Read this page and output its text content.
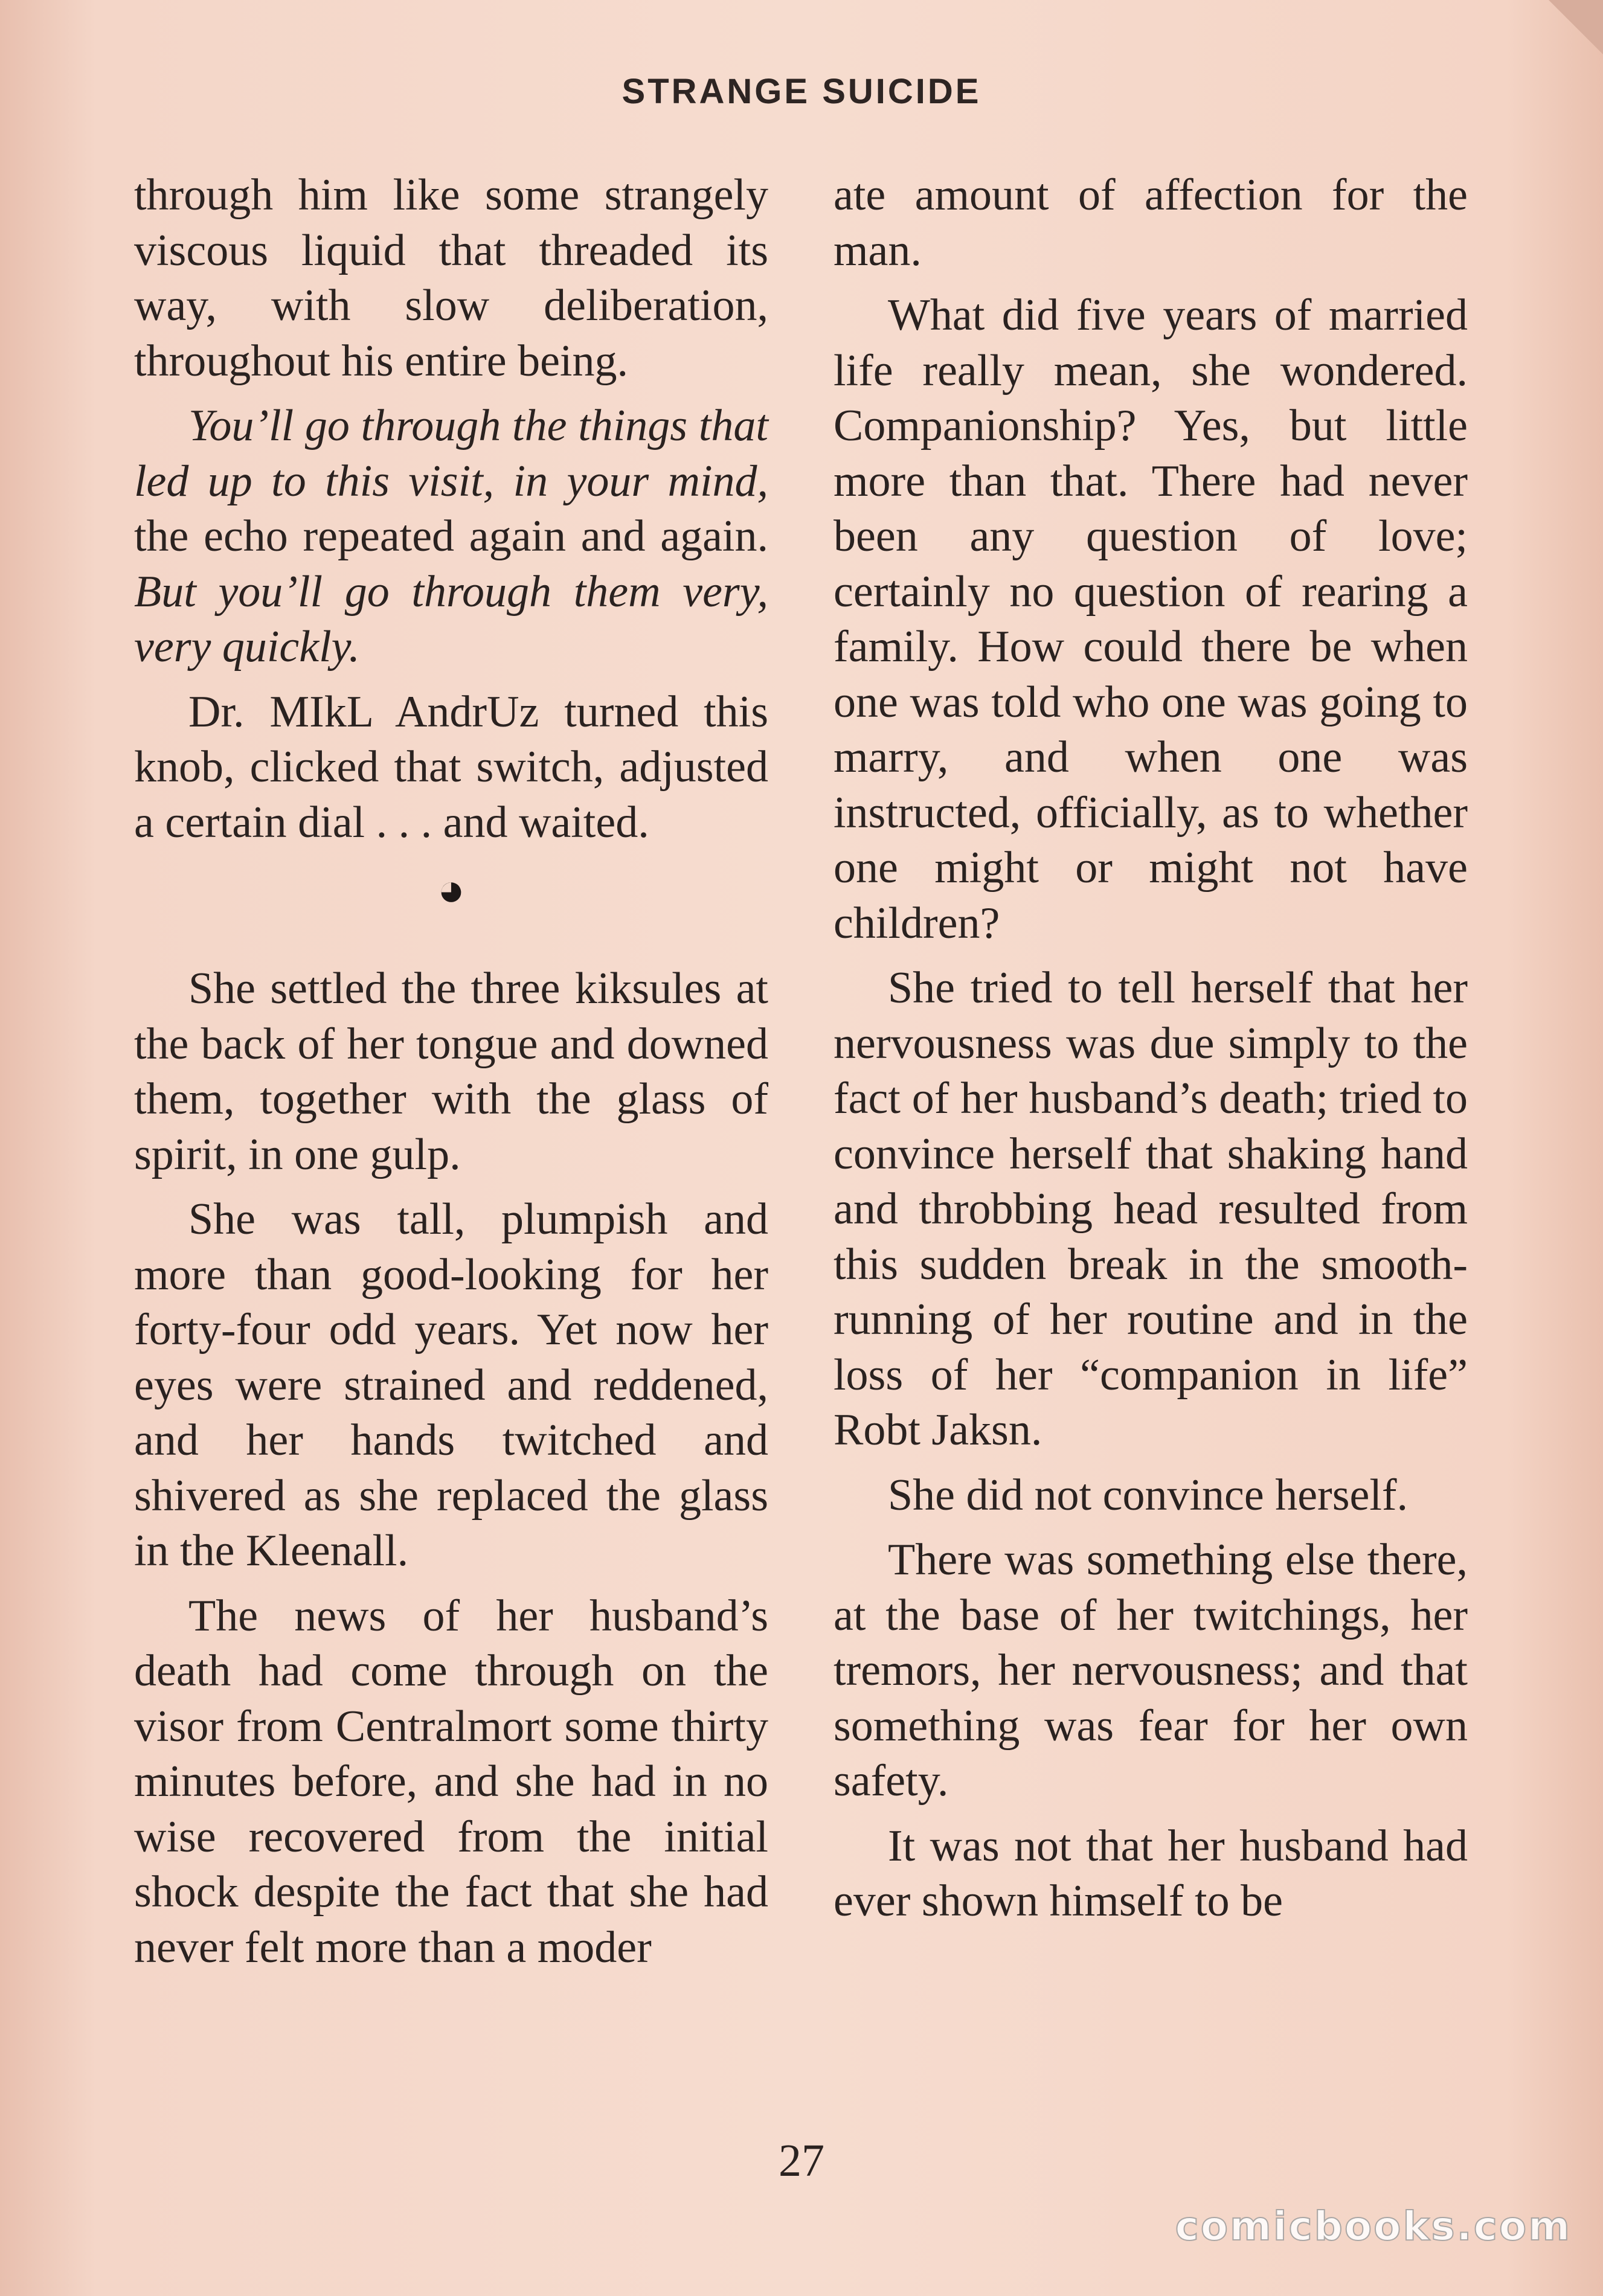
STRANGE SUICIDE

through him like some strangely viscous liquid that threaded its way, with slow deliberation, throughout his entire being.

You’ll go through the things that led up to this visit, in your mind, the echo repeated again and again. But you’ll go through them very, very quickly.

Dr. MIkL AndrUz turned this knob, clicked that switch, adjusted a certain dial . . . and waited.

◕

She settled the three kiksules at the back of her tongue and downed them, together with the glass of spirit, in one gulp.

She was tall, plumpish and more than good-looking for her forty-four odd years. Yet now her eyes were strained and reddened, and her hands twitched and shivered as she replaced the glass in the Kleenall.

The news of her husband’s death had come through on the visor from Centralmort some thirty minutes before, and she had in no wise recovered from the initial shock despite the fact that she had never felt more than a moder

ate amount of affection for the man.

What did five years of married life really mean, she wondered. Companionship? Yes, but little more than that. There had never been any question of love; certainly no question of rearing a family. How could there be when one was told who one was going to marry, and when one was instructed, officially, as to whether one might or might not have children?

She tried to tell herself that her nervousness was due simply to the fact of her husband’s death; tried to convince herself that shaking hand and throbbing head resulted from this sudden break in the smooth-running of her routine and in the loss of her “companion in life” Robt Jaksn.

She did not convince herself.

There was something else there, at the base of her twitchings, her tremors, her nervousness; and that something was fear for her own safety.

It was not that her husband had ever shown himself to be

27
comicbooks.com
